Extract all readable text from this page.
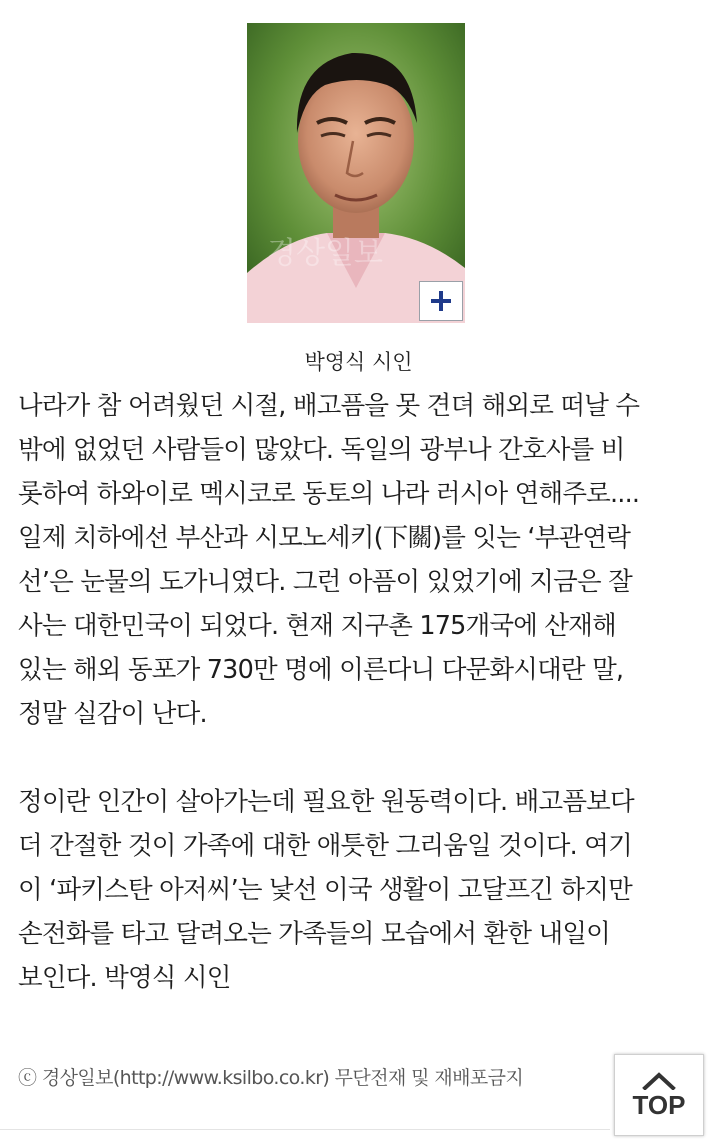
경상일보
박영식 시인

나라가 참 어려웠던 시절, 배고픔을 못 견뎌 해외로 떠날 수
밖에 없었던 사람들이 많았다. 독일의 광부나 간호사를 비
롯하여 하와이로 멕시코로 동토의 나라 러시아 연해주로....
일제 치하에선 부산과 시모노세키(下關)를 잇는 ‘부관연락
선’은 눈물의 도가니였다. 그런 아픔이 있었기에 지금은 잘
사는 대한민국이 되었다. 현재 지구촌 175개국에 산재해
있는 해외 동포가 730만 명에 이른다니 다문화시대란 말,
정말 실감이 난다.

정이란 인간이 살아가는데 필요한 원동력이다. 배고픔보다
더 간절한 것이 가족에 대한 애틋한 그리움일 것이다. 여기
이 ‘파키스탄 아저씨’는 낯선 이국 생활이 고달프긴 하지만
손전화를 타고 달려오는 가족들의 모습에서 환한 내일이
보인다. 박영식 시인

ⓒ 경상일보(http://www.ksilbo.co.kr) 무단전재 및 재배포금지
TOP
